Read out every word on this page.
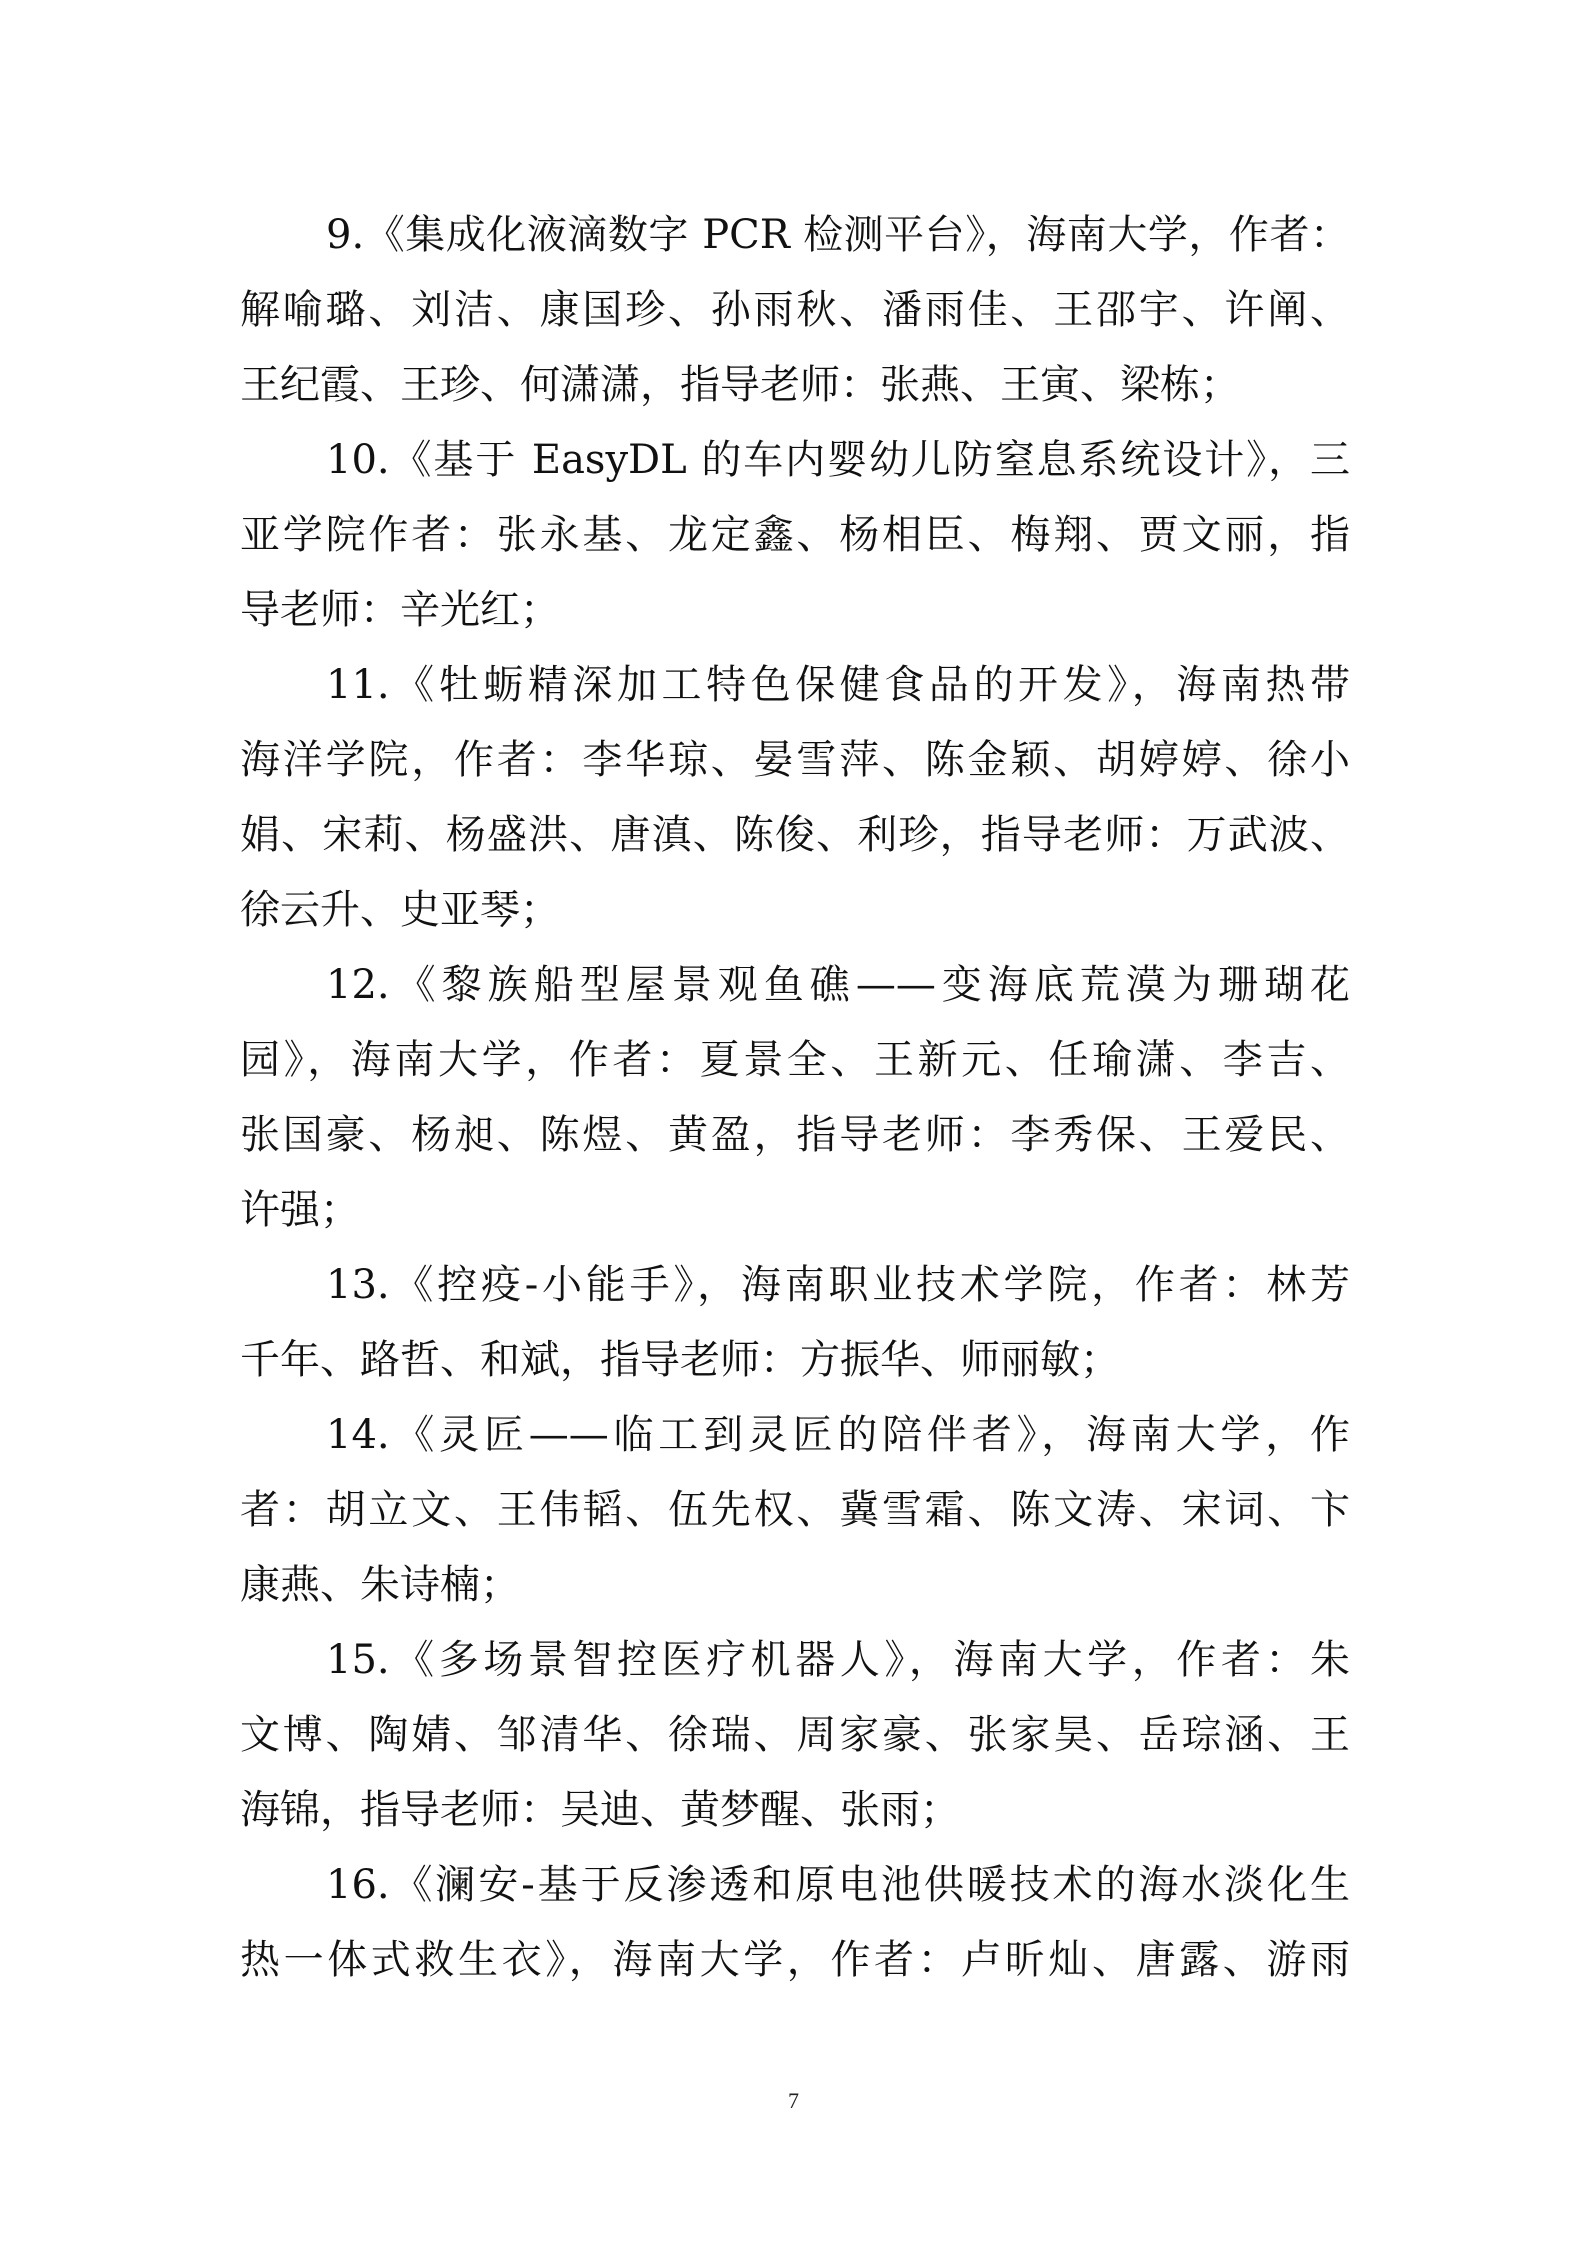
9.《集成化液滴数字 PCR 检测平台》，海南大学，作者：
解喻璐、刘洁、康国珍、孙雨秋、潘雨佳、王邵宇、许阐、
王纪霞、王珍、何潇潇，指导老师：张燕、王寅、梁栋；
10.《基于 EasyDL 的车内婴幼儿防窒息系统设计》，三
亚学院作者：张永基、龙定鑫、杨相臣、梅翔、贾文丽，指
导老师：辛光红；
11.《牡蛎精深加工特色保健食品的开发》，海南热带
海洋学院，作者：李华琼、晏雪萍、陈金颖、胡婷婷、徐小
娟、宋莉、杨盛洪、唐滇、陈俊、利珍，指导老师：万武波、
徐云升、史亚琴；
12.《黎族船型屋景观鱼礁——变海底荒漠为珊瑚花
园》，海南大学，作者：夏景全、王新元、任瑜潇、李吉、
张国豪、杨昶、陈煜、黄盈，指导老师：李秀保、王爱民、
许强；
13.《控疫-小能手》，海南职业技术学院，作者：林芳
千年、路哲、和斌，指导老师：方振华、师丽敏；
14.《灵匠——临工到灵匠的陪伴者》，海南大学，作
者：胡立文、王伟韬、伍先权、冀雪霜、陈文涛、宋词、卞
康燕、朱诗楠；
15.《多场景智控医疗机器人》，海南大学，作者：朱
文博、陶婧、邹清华、徐瑞、周家豪、张家昊、岳琮涵、王
海锦，指导老师：吴迪、黄梦醒、张雨；
16.《澜安-基于反渗透和原电池供暖技术的海水淡化生
热一体式救生衣》，海南大学，作者：卢昕灿、唐露、游雨
7
